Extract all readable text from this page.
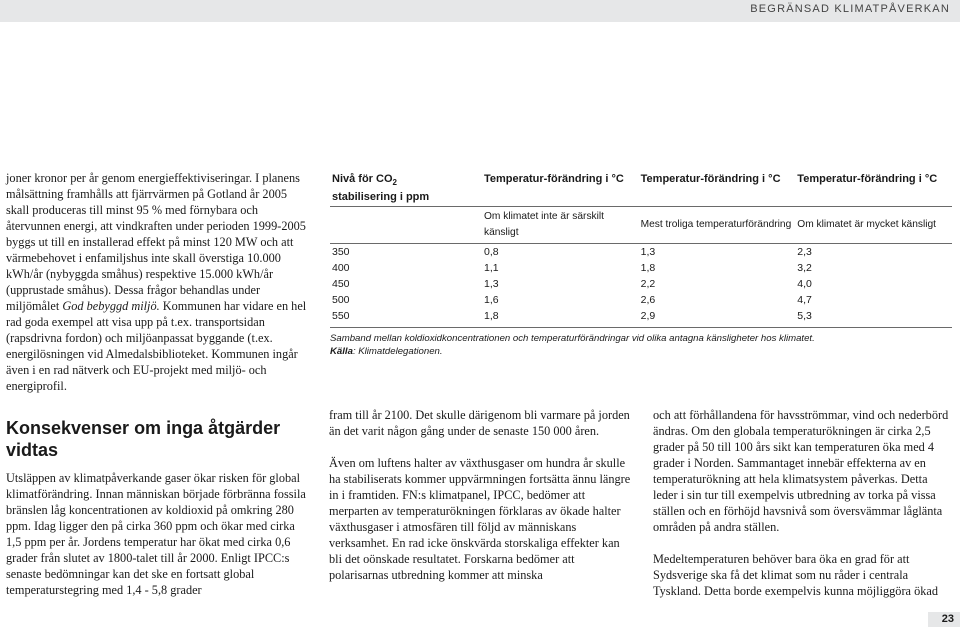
BEGRÄNSAD KLIMATPÅVERKAN

joner kronor per år genom energieffektiviseringar. I planens målsättning framhålls att fjärrvärmen på Gotland år 2005 skall produceras till minst 95 % med förnybara och återvunnen energi, att vindkraften under perioden 1999-2005 byggs ut till en installerad effekt på minst 120 MW och att värmebehovet i enfamiljshus inte skall överstiga 10.000 kWh/år (nybyggda småhus) respektive 15.000 kWh/år (upprustade småhus). Dessa frågor behandlas under miljömålet God bebyggd miljö. Kommunen har vidare en hel rad goda exempel att visa upp på t.ex. transportsidan (rapsdrivna fordon) och miljöanpassat byggande (t.ex. energilösningen vid Almedalsbiblioteket. Kommunen ingår även i en rad nätverk och EU-projekt med miljö- och energiprofil.

Konsekvenser om inga åtgärder vidtas

Utsläppen av klimatpåverkande gaser ökar risken för global klimatförändring. Innan människan började förbränna fossila bränslen låg koncentrationen av koldioxid på omkring 280 ppm. Idag ligger den på cirka 360 ppm och ökar med cirka 1,5 ppm per år. Jordens temperatur har ökat med cirka 0,6 grader från slutet av 1800-talet till år 2000. Enligt IPCC:s senaste bedömningar kan det ske en fortsatt global temperaturstegring med 1,4 - 5,8 grader

Nivå för $CO_2$
stabilisering i ppm	Temperatur-förändring i °C	Temperatur-förändring i °C	Temperatur-förändring i °C
	Om klimatet inte är särskilt känsligt	Mest troliga temperaturförändring	Om klimatet är mycket känsligt
350	0,8	1,3	2,3
400	1,1	1,8	3,2
450	1,3	2,2	4,0
500	1,6	2,6	4,7
550	1,8	2,9	5,3
Samband mellan koldioxidkoncentrationen och temperaturförändringar vid olika antagna känsligheter hos klimatet.
Källa: Klimatdelegationen.

fram till år 2100. Det skulle därigenom bli varmare på jorden än det varit någon gång under de senaste 150 000 åren.

Även om luftens halter av växthusgaser om hundra år skulle ha stabiliserats kommer uppvärmningen fortsätta ännu längre in i framtiden. FN:s klimatpanel, IPCC, bedömer att merparten av temperaturökningen förklaras av ökade halter växthusgaser i atmosfären till följd av människans verksamhet. En rad icke önskvärda storskaliga effekter kan bli det oönskade resultatet. Forskarna bedömer att polarisarnas utbredning kommer att minska

och att förhållandena för havsströmmar, vind och nederbörd ändras. Om den globala temperaturökningen är cirka 2,5 grader på 50 till 100 års sikt kan temperaturen öka med 4 grader i Norden. Sammantaget innebär effekterna av en temperaturökning att hela klimatsystem påverkas. Detta leder i sin tur till exempelvis utbredning av torka på vissa ställen och en förhöjd havsnivå som översvämmar låglänta områden på andra ställen.

Medeltemperaturen behöver bara öka en grad för att Sydsverige ska få det klimat som nu råder i centrala Tyskland. Detta borde exempelvis kunna möjliggöra ökad

23
